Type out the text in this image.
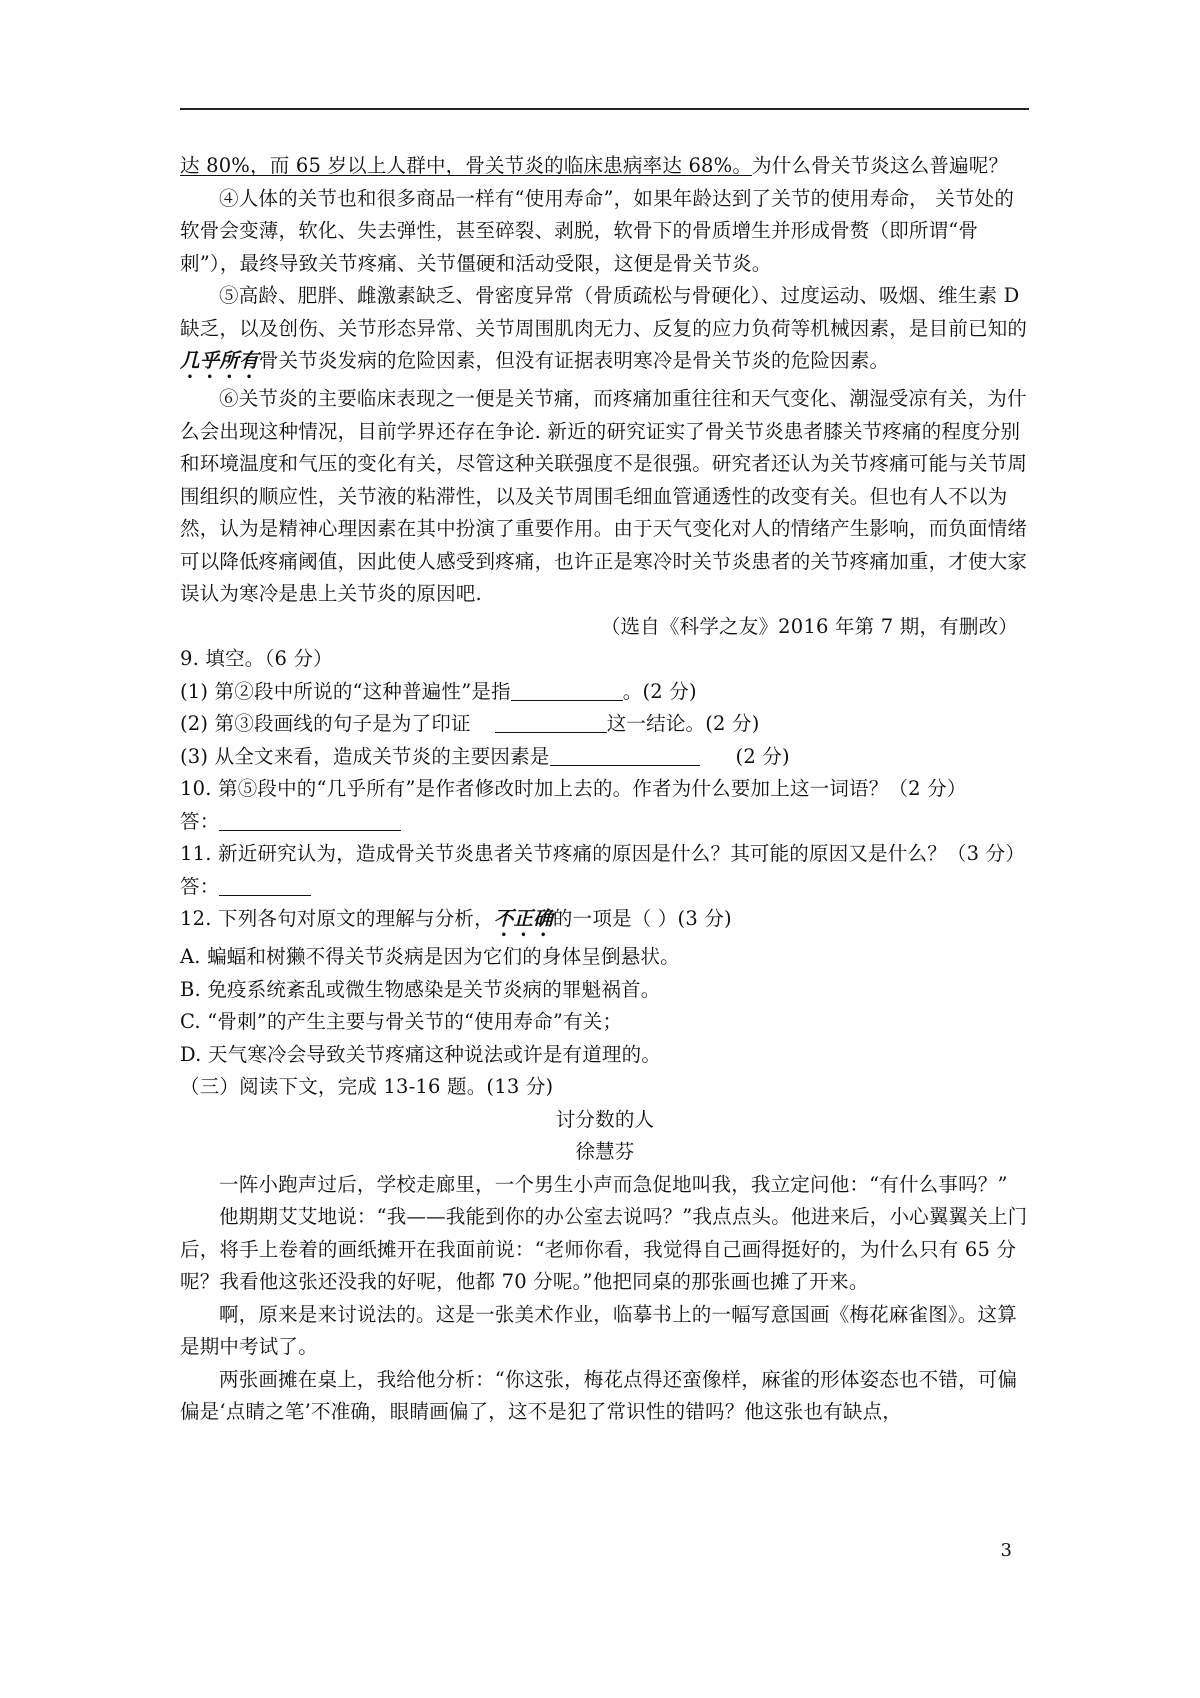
达 80%，而 65 岁以上人群中，骨关节炎的临床患病率达 68%。为什么骨关节炎这么普遍呢？

④人体的关节也和很多商品一样有“使用寿命”，如果年龄达到了关节的使用寿命， 关节处的软骨会变薄，软化、失去弹性，甚至碎裂、剥脱，软骨下的骨质增生并形成骨赘（即所谓“骨刺”），最终导致关节疼痛、关节僵硬和活动受限，这便是骨关节炎。

⑤高龄、肥胖、雌激素缺乏、骨密度异常（骨质疏松与骨硬化）、过度运动、吸烟、维生素 D 缺乏，以及创伤、关节形态异常、关节周围肌肉无力、反复的应力负荷等机械因素，是目前已知的几乎所有骨关节炎发病的危险因素，但没有证据表明寒冷是骨关节炎的危险因素。

⑥关节炎的主要临床表现之一便是关节痛，而疼痛加重往往和天气变化、潮湿受凉有关，为什么会出现这种情况，目前学界还存在争论. 新近的研究证实了骨关节炎患者膝关节疼痛的程度分别和环境温度和气压的变化有关，尽管这种关联强度不是很强。研究者还认为关节疼痛可能与关节周围组织的顺应性，关节液的粘滞性，以及关节周围毛细血管通透性的改变有关。但也有人不以为然，认为是精神心理因素在其中扮演了重要作用。由于天气变化对人的情绪产生影响，而负面情绪可以降低疼痛阈值，因此使人感受到疼痛，也许正是寒冷时关节炎患者的关节疼痛加重，才使大家误认为寒冷是患上关节炎的原因吧.

（选自《科学之友》2016 年第 7 期，有删改）

9. 填空。（6 分）

(1) 第②段中所说的“这种普遍性”是指	。(2 分)

(2) 第③段画线的句子是为了印证	这一结论。(2 分)

(3) 从全文来看，造成关节炎的主要因素是	(2 分)

10. 第⑤段中的“几乎所有”是作者修改时加上去的。作者为什么要加上这一词语？（2 分）

答：

11. 新近研究认为，造成骨关节炎患者关节疼痛的原因是什么？其可能的原因又是什么？（3 分）

答：

12. 下列各句对原文的理解与分析，不正确的一项是（ ）(3 分)

A. 蝙蝠和树獭不得关节炎病是因为它们的身体呈倒悬状。

B. 免疫系统紊乱或微生物感染是关节炎病的罪魁祸首。

C. “骨刺”的产生主要与骨关节的“使用寿命”有关；

D. 天气寒冷会导致关节疼痛这种说法或许是有道理的。

（三）阅读下文，完成 13-16 题。(13 分)

讨分数的人

徐慧芬

一阵小跑声过后，学校走廊里，一个男生小声而急促地叫我，我立定问他：“有什么事吗？”

他期期艾艾地说：“我——我能到你的办公室去说吗？”我点点头。他进来后，小心翼翼关上门后，将手上卷着的画纸摊开在我面前说：“老师你看，我觉得自己画得挺好的，为什么只有 65 分呢？我看他这张还没我的好呢，他都 70 分呢。”他把同桌的那张画也摊了开来。

啊，原来是来讨说法的。这是一张美术作业，临摹书上的一幅写意国画《梅花麻雀图》。这算是期中考试了。

两张画摊在桌上，我给他分析：“你这张，梅花点得还蛮像样，麻雀的形体姿态也不错，可偏偏是‘点睛之笔’不准确，眼睛画偏了，这不是犯了常识性的错吗？他这张也有缺点，

3
